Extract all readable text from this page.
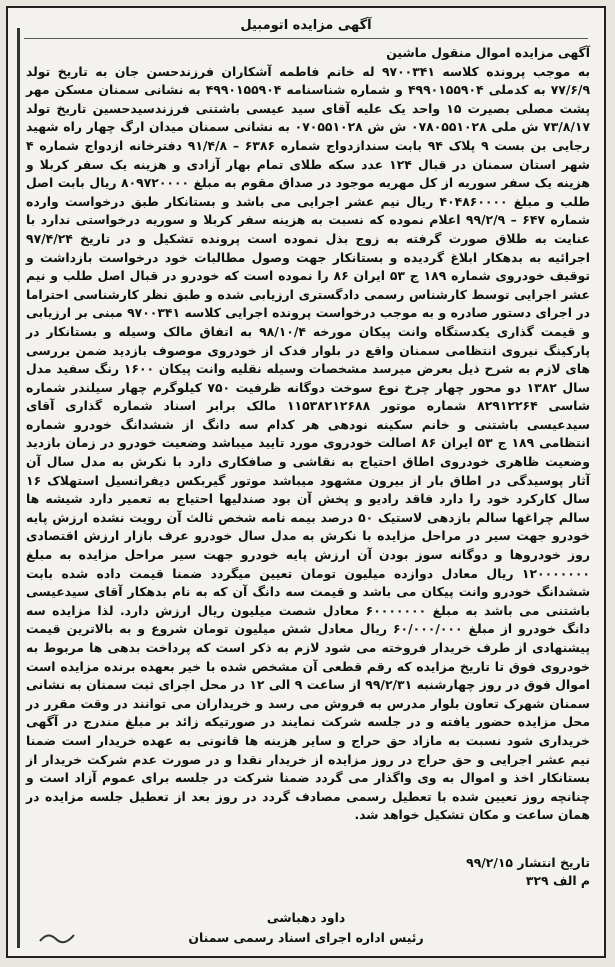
آگهی مزایده اتومبیل

آگهی مزایده اموال منقول ماشین

به موجب پرونده کلاسه ۹۷۰۰۳۴۱ له خانم فاطمه آشکاران فرزندحسن جان به تاریخ تولد ۷۷/۶/۹ به کدملی ۴۹۹۰۱۵۵۹۰۴ و شماره شناسنامه ۴۹۹۰۱۵۵۹۰۴ به نشانی سمنان مسکن مهر پشت مصلی بصیرت ۱۵ واحد یک علیه آقای سید عیسی باشتنی فرزندسیدحسین تاریخ تولد ۷۳/۸/۱۷ ش ملی ۰۷۸۰۵۵۱۰۲۸ ش ش ۰۷۰۵۵۱۰۲۸ به نشانی سمنان میدان ارگ چهار راه شهید رجایی بن بست ۹ پلاک ۹۴ بابت سندازدواج شماره ۶۳۸۶ – ۹۱/۴/۸ دفترخانه ازدواج شماره ۴ شهر استان سمنان در قبال ۱۲۴ عدد سکه طلای تمام بهار آزادی و هزینه یک سفر کربلا و هزینه یک سفر سوریه از کل مهریه موجود در صداق مقوم به مبلغ ۸۰۹۷۲۰۰۰۰ ریال بابت اصل طلب و مبلغ ۴۰۴۸۶۰۰۰۰ ریال نیم عشر اجرایی می باشد و بستانکار طبق درخواست وارده شماره ۶۴۷ – ۹۹/۲/۹ اعلام نموده که نسبت به هزینه سفر کربلا و سوریه درخواستی ندارد با عنایت به طلاق صورت گرفته به زوج بذل نموده است پرونده تشکیل و در تاریخ ۹۷/۴/۲۴ اجرائیه به بدهکار ابلاغ گردیده و بستانکار جهت وصول مطالبات خود درخواست بازداشت و توقیف خودروی شماره ۱۸۹ ج ۵۳ ایران ۸۶ را نموده است که خودرو در قبال اصل طلب و نیم عشر اجرایی توسط کارشناس رسمی دادگستری ارزیابی شده و طبق نظر کارشناسی احتراما در اجرای دستور صادره و به موجب درخواست پرونده اجرایی کلاسه ۹۷۰۰۳۴۱ مبنی بر ارزیابی و قیمت گذاری یکدستگاه وانت پیکان مورخه ۹۸/۱۰/۴ به اتفاق مالک وسیله و بستانکار در پارکینگ نیروی انتظامی سمنان واقع در بلوار فدک از خودروی موصوف بازدید ضمن بررسی های لازم به شرح ذیل بعرض میرسد مشخصات وسیله نقلیه وانت پیکان ۱۶۰۰ رنگ سفید مدل سال ۱۳۸۲ دو محور چهار چرخ نوع سوخت دوگانه ظرفیت ۷۵۰ کیلوگرم چهار سیلندر شماره شاسی ۸۲۹۱۲۲۶۴ شماره موتور ۱۱۵۳۸۲۱۲۶۸۸ مالک برابر اسناد شماره گذاری آقای سیدعیسی باشتنی و خانم سکینه نودهی هر کدام سه دانگ از ششدانگ خودرو شماره انتظامی ۱۸۹ ج ۵۳ ایران ۸۶ اصالت خودروی مورد تایید میباشد وضعیت خودرو در زمان بازدید وضعیت ظاهری خودروی اطاق احتیاج به نقاشی و صافکاری دارد با نکرش به مدل سال آن آثار پوسیدگی در اطاق بار از بیرون مشهود میباشد موتور گیربکس دیفرانسیل استهلاک ۱۶ سال کارکرد خود را دارد فاقد رادیو و پخش آن بود صندلیها احتیاج به تعمیر دارد شیشه ها سالم چراغها سالم بازدهی لاستیک ۵۰ درصد بیمه نامه شخص ثالث آن رویت نشده ارزش پایه خودرو جهت سیر در مراحل مزایده با نکرش به مدل سال خودرو عرف بازار ارزش اقتصادی روز خودروها و دوگانه سوز بودن آن ارزش پایه خودرو جهت سیر مراحل مزایده به مبلغ ۱۲۰۰۰۰۰۰۰ ریال معادل دوازده میلیون تومان تعیین میگردد ضمنا قیمت داده شده بابت ششدانگ خودرو وانت پیکان می باشد و قیمت سه دانگ آن که به نام بدهکار آقای سیدعیسی باشتنی می باشد به مبلغ ۶۰۰۰۰۰۰۰ معادل شصت میلیون ریال ارزش دارد. لذا مزایده سه دانگ خودرو از مبلغ ۶۰/۰۰۰/۰۰۰ ریال معادل شش میلیون تومان شروع و به بالاترین قیمت پیشنهادی از طرف خریدار فروخته می شود لازم به ذکر است که پرداخت بدهی ها مربوط به خودروی فوق تا تاریخ مزایده که رقم قطعی آن مشخص شده با خیر بعهده برنده مزایده است اموال فوق در روز چهارشنبه ۹۹/۲/۳۱ از ساعت ۹ الی ۱۲ در محل اجرای ثبت سمنان به نشانی سمنان شهرک تعاون بلوار مدرس به فروش می رسد و خریداران می توانند در وقت مقرر در محل مزایده حضور یافته و در جلسه شرکت نمایند در صورتیکه زائد بر مبلغ مندرج در آگهی خریداری شود نسبت به مازاد حق حراج و سایر هزینه ها قانونی به عهده خریدار است ضمنا نیم عشر اجرایی و حق حراج در روز مزایده از خریدار نقدا و در صورت عدم شرکت خریدار از بستانکار اخذ و اموال به وی واگذار می گردد ضمنا شرکت در جلسه برای عموم آزاد است و چنانچه روز تعیین شده با تعطیل رسمی مصادف گردد در روز بعد از تعطیل جلسه مزایده در همان ساعت و مکان تشکیل خواهد شد.

تاریخ انتشار ۹۹/۲/۱۵
م الف ۳۲۹
داود دهباشی
رئیس اداره اجرای اسناد رسمی سمنان
